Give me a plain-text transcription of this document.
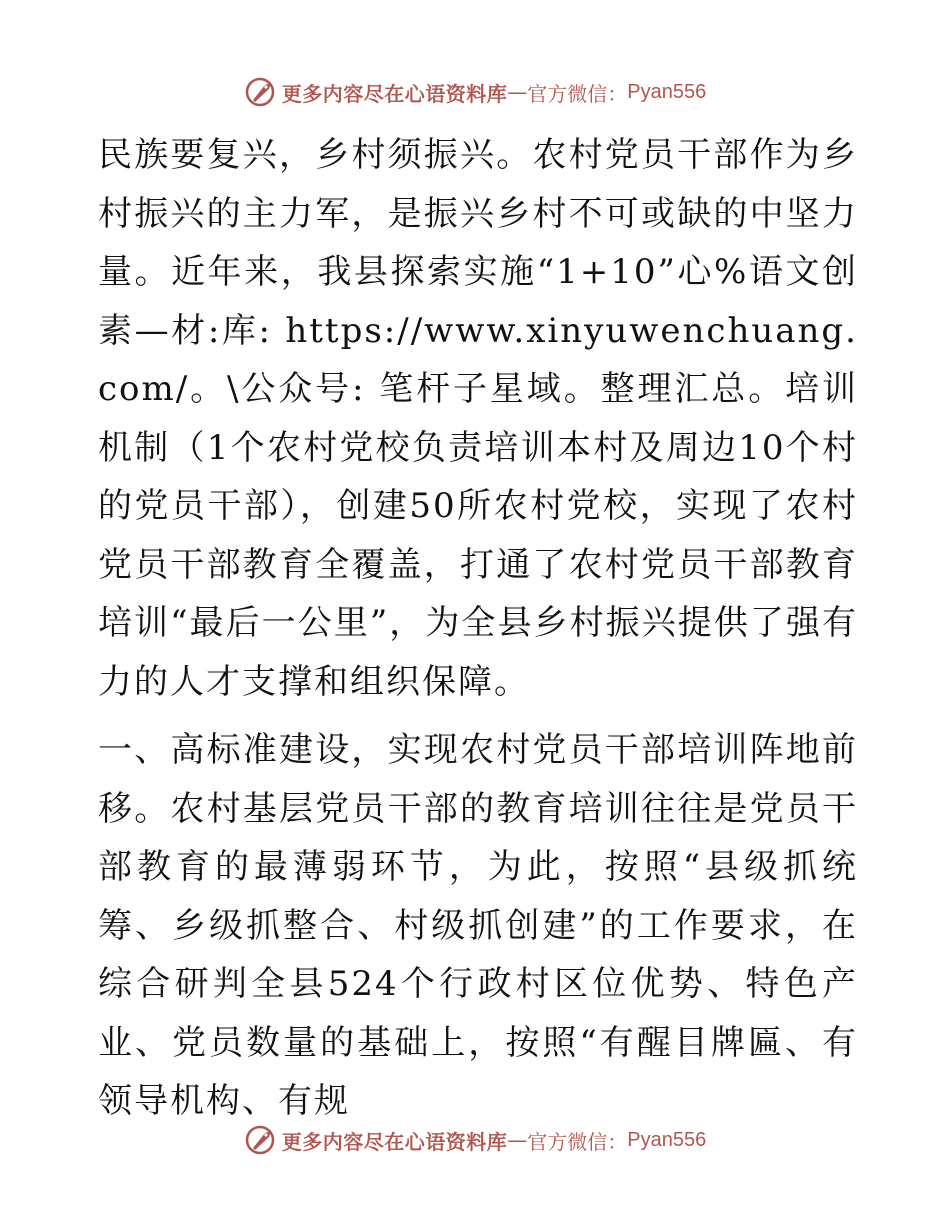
更多内容尽在心语资料库 — 官方微信： Pyan556

民族要复兴，乡村须振兴。农村党员干部作为乡村振兴的主力军，是振兴乡村不可或缺的中坚力量。近年来，我县探索实施“1+10”心%语文创素—材:库: https://www.xinyuwenchuang.com/。\公众号: 笔杆子星域。整理汇总。培训机制（1个农村党校负责培训本村及周边10个村的党员干部），创建50所农村党校，实现了农村党员干部教育全覆盖，打通了农村党员干部教育培训“最后一公里”，为全县乡村振兴提供了强有力的人才支撑和组织保障。

一、高标准建设，实现农村党员干部培训阵地前移。农村基层党员干部的教育培训往往是党员干部教育的最薄弱环节，为此，按照“县级抓统筹、乡级抓整合、村级抓创建”的工作要求，在综合研判全县524个行政村区位优势、特色产业、党员数量的基础上，按照“有醒目牌匾、有领导机构、有规

更多内容尽在心语资料库 — 官方微信： Pyan556
